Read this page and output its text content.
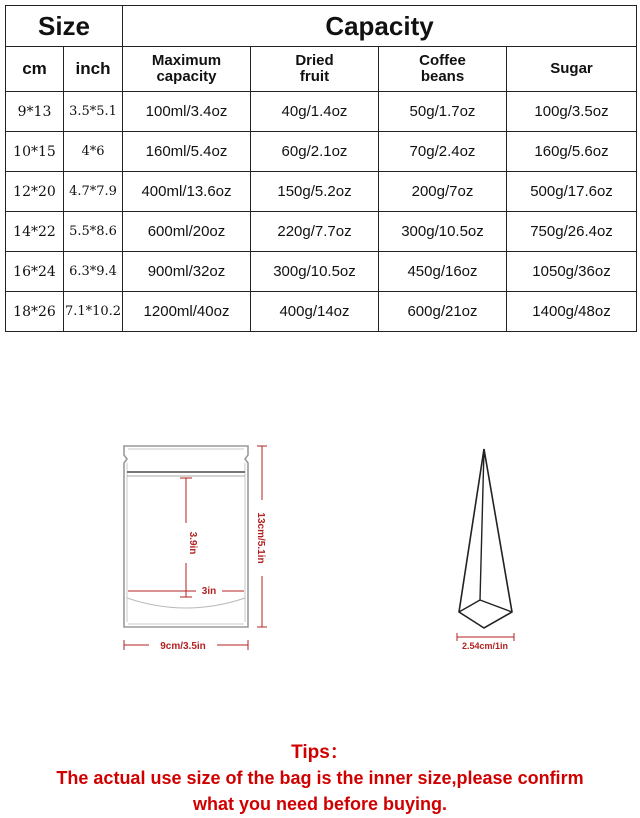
Size		Capacity			
cm	inch	Maximum capacity	Dried fruit	Coffee beans	Sugar
9*13	3.5*5.1	100ml/3.4oz	40g/1.4oz	50g/1.7oz	100g/3.5oz
10*15	4*6	160ml/5.4oz	60g/2.1oz	70g/2.4oz	160g/5.6oz
12*20	4.7*7.9	400ml/13.6oz	150g/5.2oz	200g/7oz	500g/17.6oz
14*22	5.5*8.6	600ml/20oz	220g/7.7oz	300g/10.5oz	750g/26.4oz
16*24	6.3*9.4	900ml/32oz	300g/10.5oz	450g/16oz	1050g/36oz
18*26	7.1*10.2	1200ml/40oz	400g/14oz	600g/21oz	1400g/48oz
3.9in
3in
13cm/5.1in
9cm/3.5in	2.54cm/1in
Tips：
The actual use size of the bag is the inner size,please confirm
what you need before buying.
